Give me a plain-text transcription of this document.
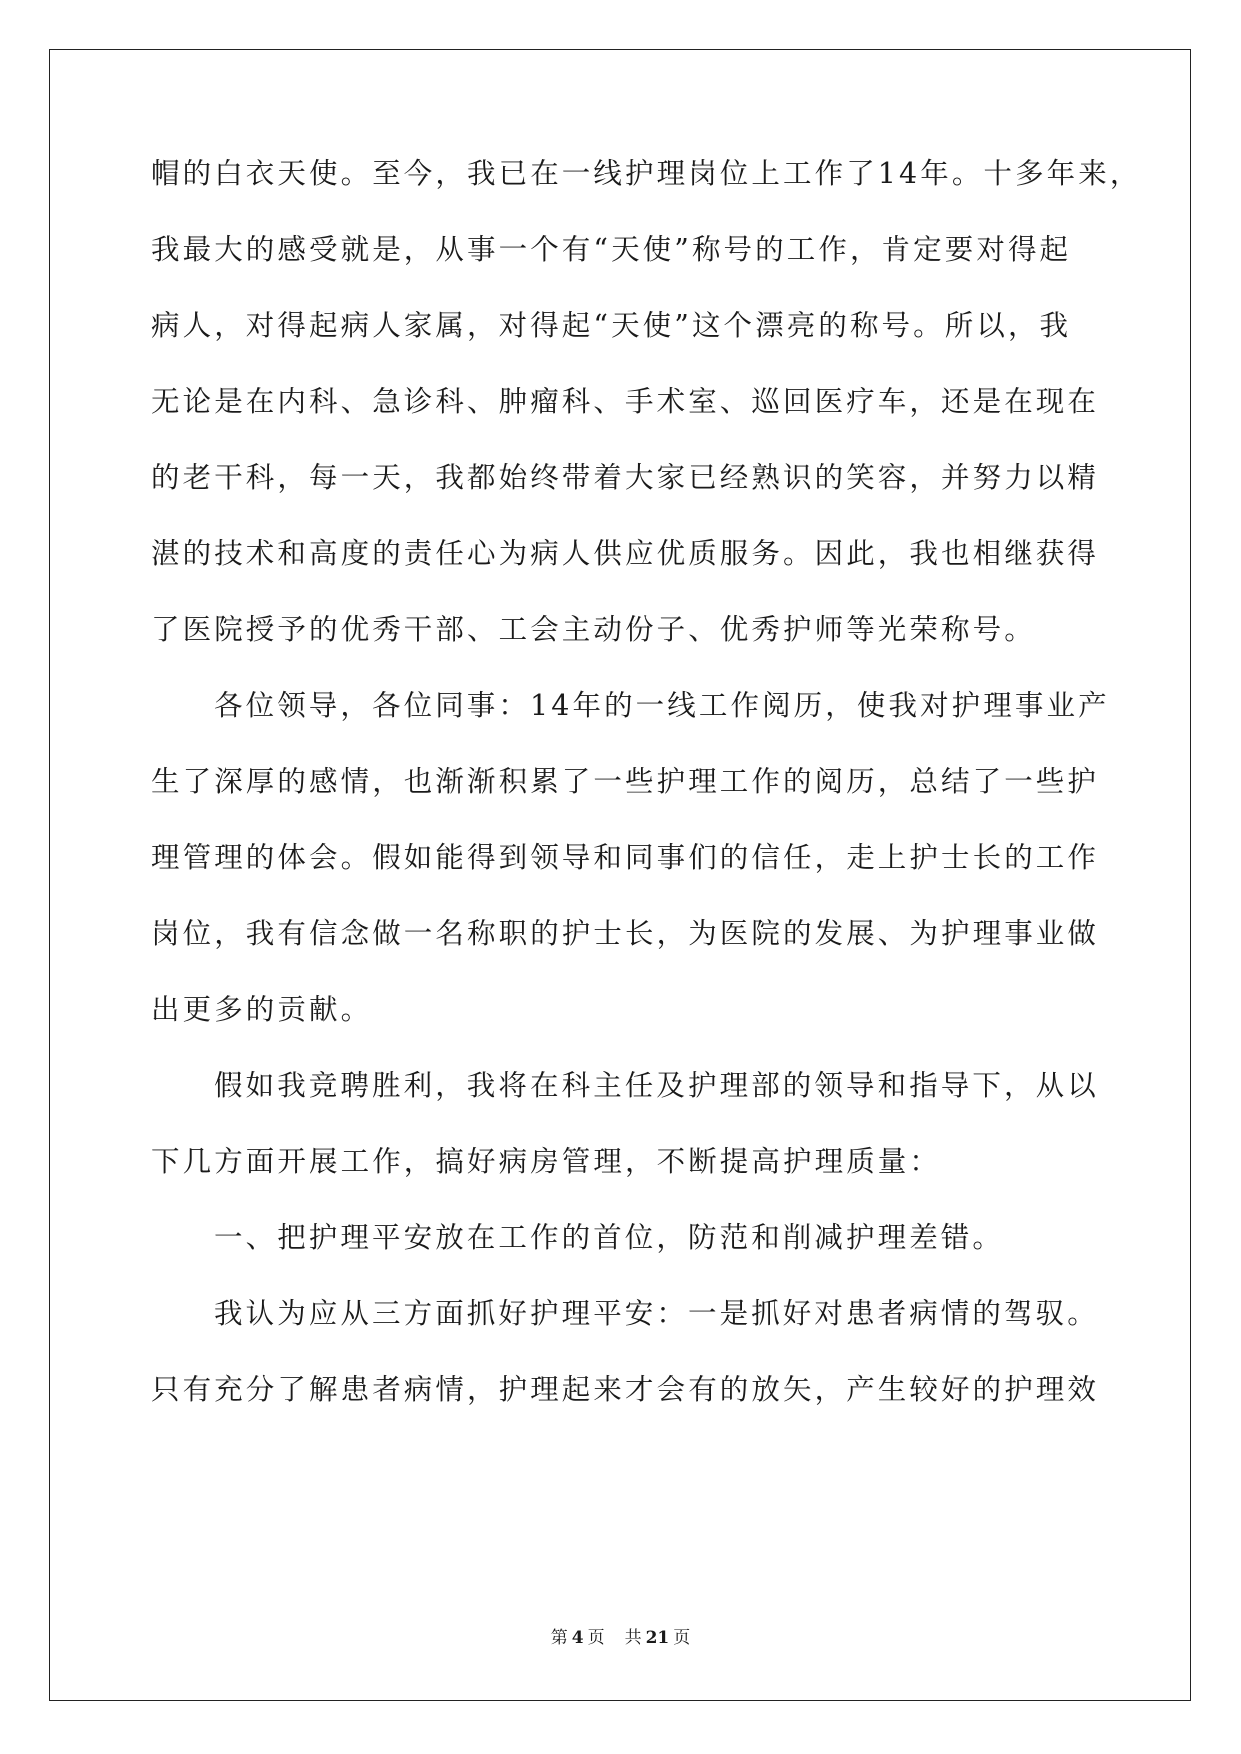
帽的白衣天使。至今，我已在一线护理岗位上工作了14年。十多年来，
我最大的感受就是，从事一个有“天使”称号的工作，肯定要对得起
病人，对得起病人家属，对得起“天使”这个漂亮的称号。所以，我
无论是在内科、急诊科、肿瘤科、手术室、巡回医疗车，还是在现在
的老干科，每一天，我都始终带着大家已经熟识的笑容，并努力以精
湛的技术和高度的责任心为病人供应优质服务。因此，我也相继获得
了医院授予的优秀干部、工会主动份子、优秀护师等光荣称号。
各位领导，各位同事：14年的一线工作阅历，使我对护理事业产
生了深厚的感情，也渐渐积累了一些护理工作的阅历，总结了一些护
理管理的体会。假如能得到领导和同事们的信任，走上护士长的工作
岗位，我有信念做一名称职的护士长，为医院的发展、为护理事业做
出更多的贡献。
假如我竞聘胜利，我将在科主任及护理部的领导和指导下，从以
下几方面开展工作，搞好病房管理，不断提高护理质量：
一、把护理平安放在工作的首位，防范和削减护理差错。
我认为应从三方面抓好护理平安：一是抓好对患者病情的驾驭。
只有充分了解患者病情，护理起来才会有的放矢，产生较好的护理效
第 4 页 共 21 页
